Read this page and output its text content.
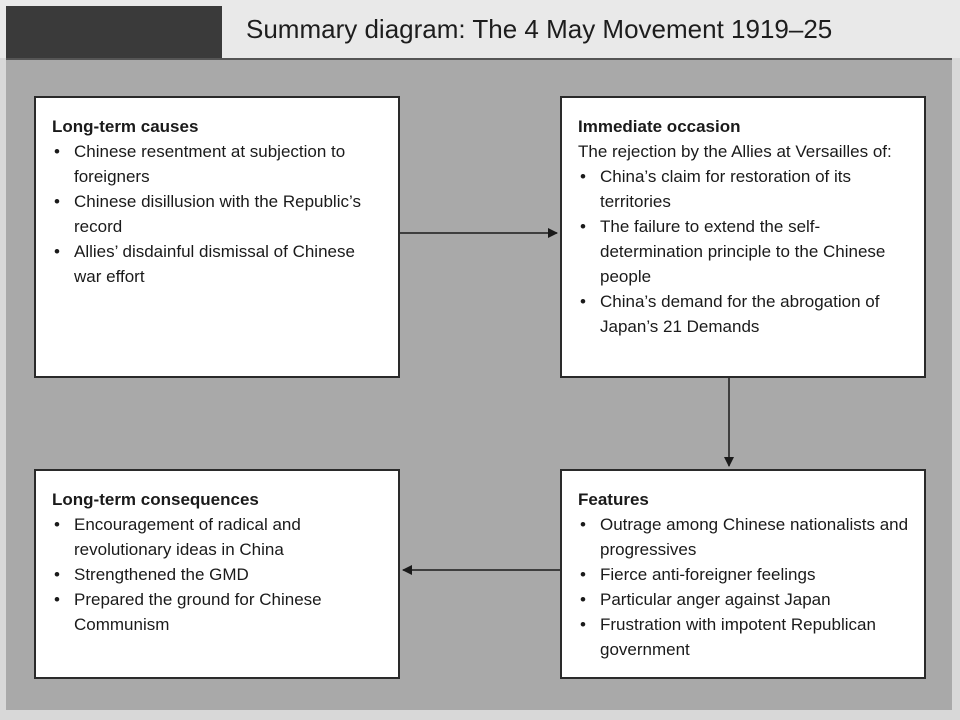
Summary diagram: The 4 May Movement 1919–25
Long-term causes
• Chinese resentment at subjection to foreigners
• Chinese disillusion with the Republic’s record
• Allies’ disdainful dismissal of Chinese war effort
Immediate occasion

The rejection by the Allies at Versailles of:

• China’s claim for restoration of its territories
• The failure to extend the self-determination principle to the Chinese people
• China’s demand for the abrogation of Japan’s 21 Demands
Long-term consequences
• Encouragement of radical and revolutionary ideas in China
• Strengthened the GMD
• Prepared the ground for Chinese Communism
Features
• Outrage among Chinese nationalists and progressives
• Fierce anti-foreigner feelings
• Particular anger against Japan
• Frustration with impotent Republican government
